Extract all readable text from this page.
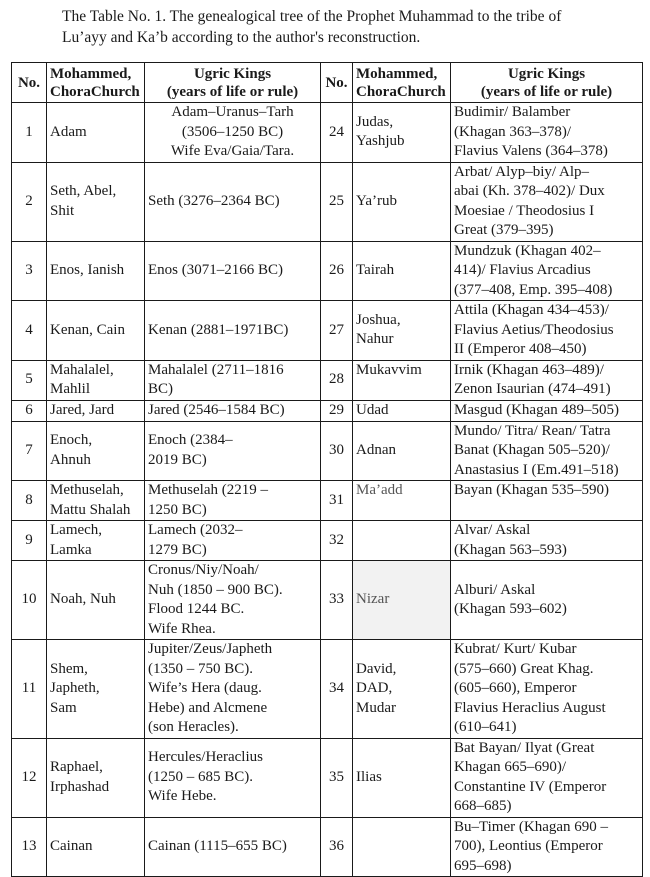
The Table No. 1. The genealogical tree of the Prophet Muhammad to the tribe of
Lu’ayy and Ka’b according to the author's reconstruction.
No.	Mohammed,
ChoraChurch	Ugric Kings
(years of life or rule)	No.	Mohammed,
ChoraChurch	Ugric Kings
(years of life or rule)

1	Adam	Adam–Uranus–Tarh
(3506–1250 BC)
Wife Eva/Gaia/Tara.	24	Judas,
Yashjub	Budimir/ Balamber
(Khagan 363–378)/
Flavius Valens (364–378)

2	Seth, Abel,
Shit	Seth (3276–2364 BC)	25	Ya’rub	Arbat/ Alyp–biy/ Alp–
abai (Kh. 378–402)/ Dux
Moesiae / Theodosius I
Great (379–395)

3	Enos, Ianish	Enos (3071–2166 BC)	26	Tairah	Mundzuk (Khagan 402–
414)/ Flavius Arcadius
(377–408, Emp. 395–408)

4	Kenan, Cain	Kenan (2881–1971BC)	27	Joshua,
Nahur	Attila (Khagan 434–453)/
Flavius Aetius/Theodosius
II (Emperor 408–450)

5	Mahalalel,
Mahlil	Mahalalel (2711–1816
BC)	28	Mukavvim	Irnik (Khagan 463–489)/
Zenon Isaurian (474–491)

6	Jared, Jard	Jared (2546–1584 BC)	29	Udad	Masgud (Khagan 489–505)

7	Enoch,
Ahnuh	Enoch (2384–
2019 BC)	30	Adnan	Mundo/ Titra/ Rean/ Tatra
Banat (Khagan 505–520)/
Anastasius I (Em.491–518)

8	Methuselah,
Mattu Shalah	Methuselah (2219 –
1250 BC)	31	Ma’add	Bayan (Khagan 535–590)

9	Lamech,
Lamka	Lamech (2032–
1279 BC)	32		Alvar/ Askal
(Khagan 563–593)

10	Noah, Nuh	Cronus/Niy/Noah/
Nuh (1850 – 900 BC).
Flood 1244 BC.
Wife Rhea.	33	Nizar	Alburi/ Askal
(Khagan 593–602)

11	Shem,
Japheth,
Sam	Jupiter/Zeus/Japheth
(1350 – 750 BC).
Wife’s Hera (daug.
Hebe) and Alcmene
(son Heracles).	34	David,
DAD,
Mudar	Kubrat/ Kurt/ Kubar
(575–660) Great Khag.
(605–660), Emperor
Flavius Heraclius August
(610–641)

12	Raphael,
Irphashad	Hercules/Heraclius
(1250 – 685 BC).
Wife Hebe.	35	Ilias	Bat Bayan/ Ilyat (Great
Khagan 665–690)/
Constantine IV (Emperor
668–685)

13	Cainan	Cainan (1115–655 BC)	36		Bu–Timer (Khagan 690 –
700), Leontius (Emperor
695–698)
